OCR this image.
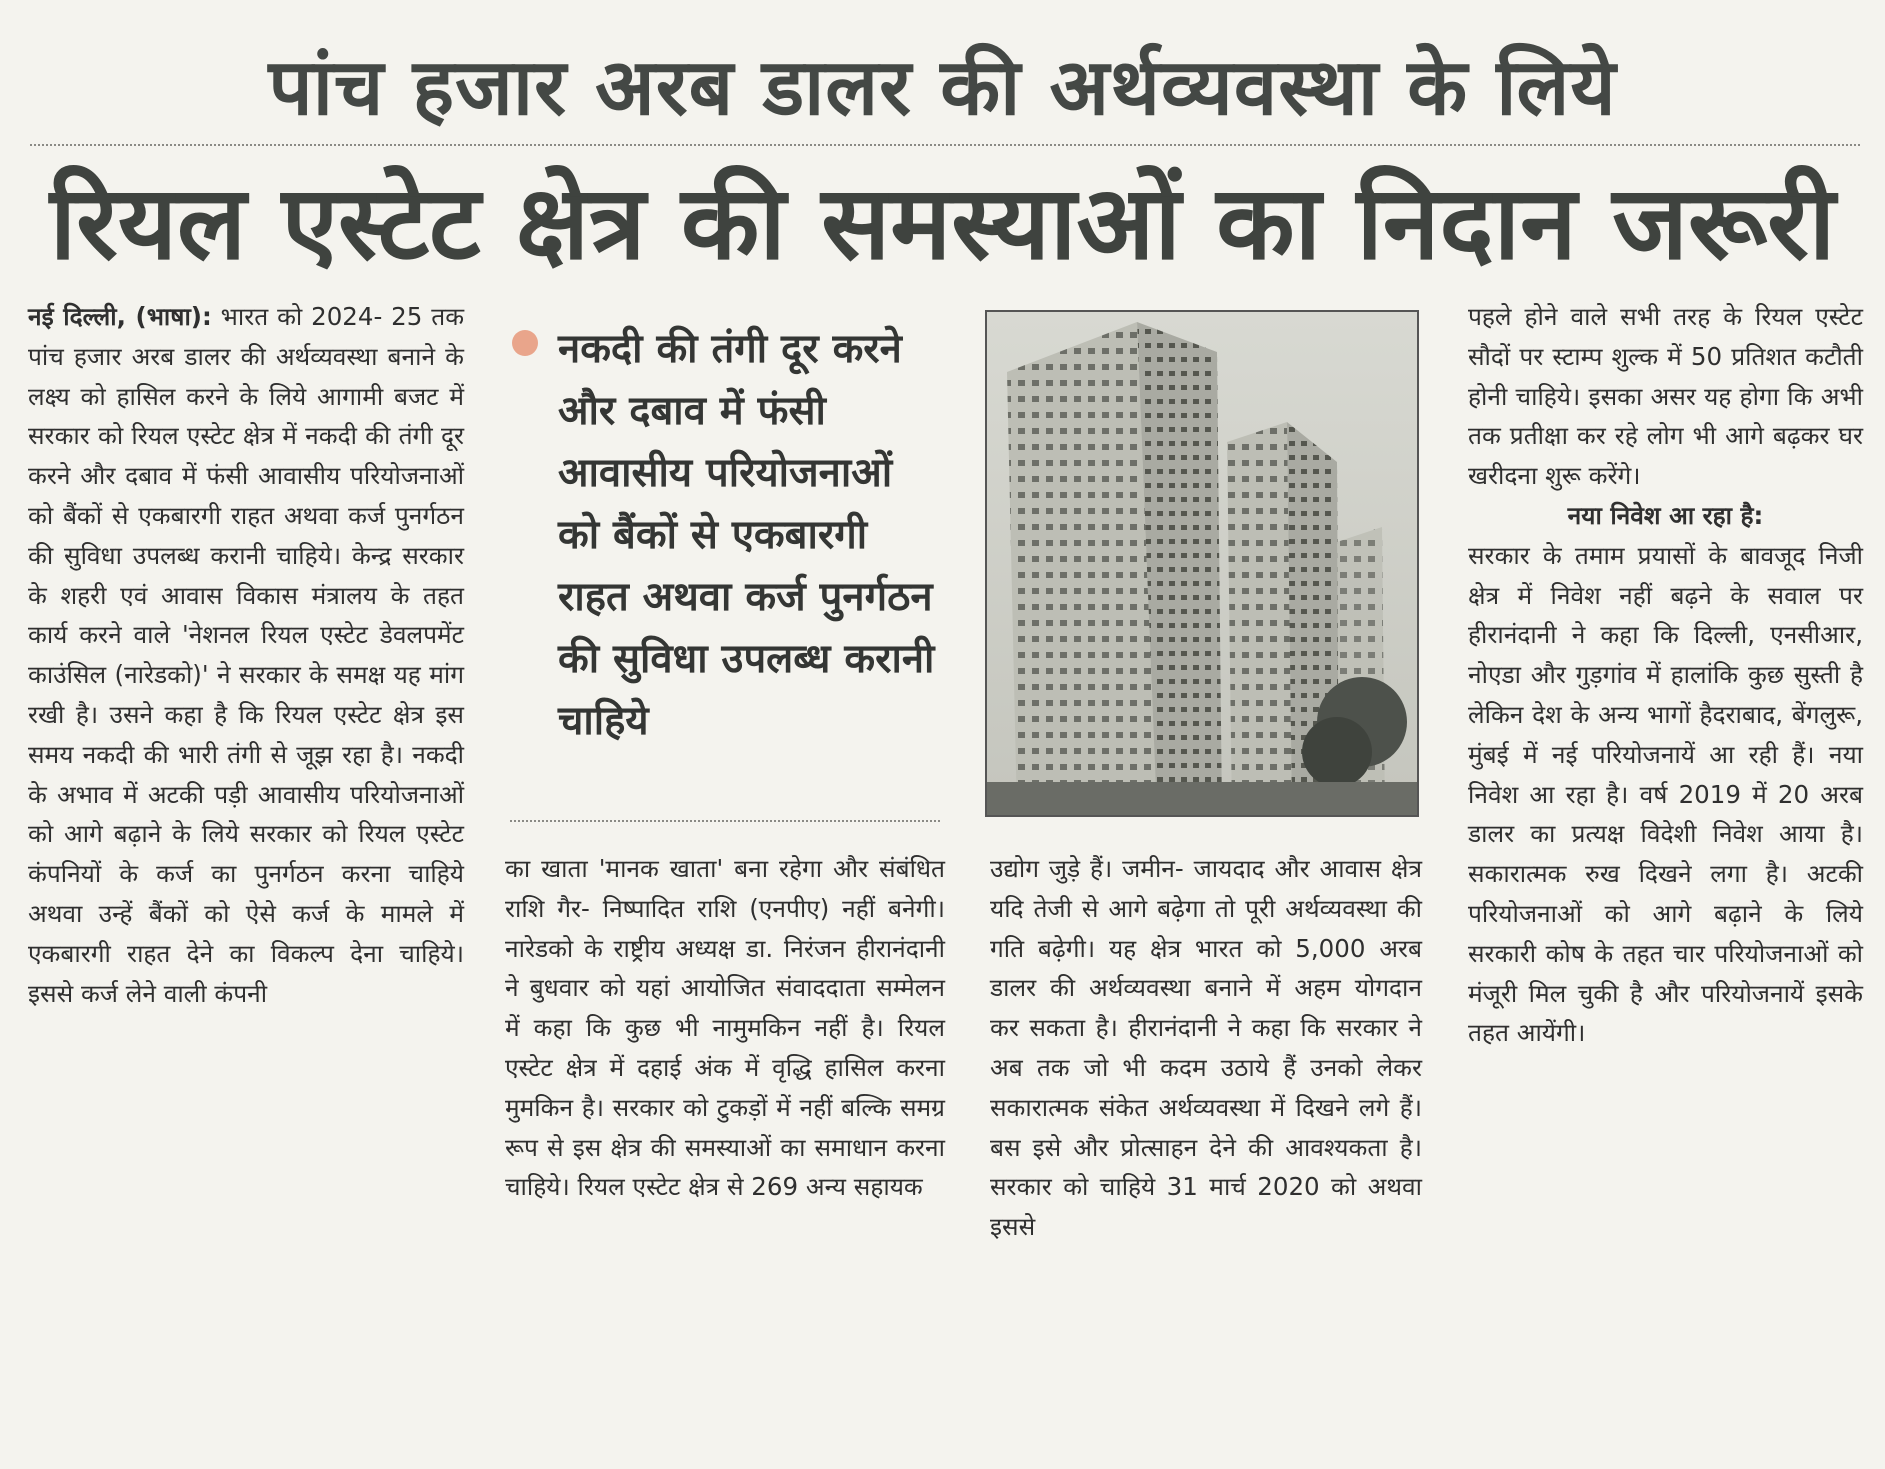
पांच हजार अरब डालर की अर्थव्यवस्था के लिये
रियल एस्टेट क्षेत्र की समस्याओं का निदान जरूरी

नई दिल्ली, (भाषा): भारत को 2024- 25 तक पांच हजार अरब डालर की अर्थव्यवस्था बनाने के लक्ष्य को हासिल करने के लिये आगामी बजट में सरकार को रियल एस्टेट क्षेत्र में नकदी की तंगी दूर करने और दबाव में फंसी आवासीय परियोजनाओं को बैंकों से एकबारगी राहत अथवा कर्ज पुनर्गठन की सुविधा उपलब्ध करानी चाहिये। केन्द्र सरकार के शहरी एवं आवास विकास मंत्रालय के तहत कार्य करने वाले 'नेशनल रियल एस्टेट डेवलपमेंट काउंसिल (नारेडको)' ने सरकार के समक्ष यह मांग रखी है। उसने कहा है कि रियल एस्टेट क्षेत्र इस समय नकदी की भारी तंगी से जूझ रहा है। नकदी के अभाव में अटकी पड़ी आवासीय परियोजनाओं को आगे बढ़ाने के लिये सरकार को रियल एस्टेट कंपनियों के कर्ज का पुनर्गठन करना चाहिये अथवा उन्हें बैंकों को ऐसे कर्ज के मामले में एकबारगी राहत देने का विकल्प देना चाहिये। इससे कर्ज लेने वाली कंपनी

नकदी की तंगी दूर करने और दबाव में फंसी आवासीय परियोजनाओं को बैंकों से एकबारगी राहत अथवा कर्ज पुनर्गठन की सुविधा उपलब्ध करानी चाहिये

का खाता 'मानक खाता' बना रहेगा और संबंधित राशि गैर- निष्पादित राशि (एनपीए) नहीं बनेगी। नारेडको के राष्ट्रीय अध्यक्ष डा. निरंजन हीरानंदानी ने बुधवार को यहां आयोजित संवाददाता सम्मेलन में कहा कि कुछ भी नामुमकिन नहीं है। रियल एस्टेट क्षेत्र में दहाई अंक में वृद्धि हासिल करना मुमकिन है। सरकार को टुकड़ों में नहीं बल्कि समग्र रूप से इस क्षेत्र की समस्याओं का समाधान करना चाहिये। रियल एस्टेट क्षेत्र से 269 अन्य सहायक

उद्योग जुड़े हैं। जमीन- जायदाद और आवास क्षेत्र यदि तेजी से आगे बढ़ेगा तो पूरी अर्थव्यवस्था की गति बढ़ेगी। यह क्षेत्र भारत को 5,000 अरब डालर की अर्थव्यवस्था बनाने में अहम योगदान कर सकता है। हीरानंदानी ने कहा कि सरकार ने अब तक जो भी कदम उठाये हैं उनको लेकर सकारात्मक संकेत अर्थव्यवस्था में दिखने लगे हैं। बस इसे और प्रोत्साहन देने की आवश्यकता है। सरकार को चाहिये 31 मार्च 2020 को अथवा इससे

पहले होने वाले सभी तरह के रियल एस्टेट सौदों पर स्टाम्प शुल्क में 50 प्रतिशत कटौती होनी चाहिये। इसका असर यह होगा कि अभी तक प्रतीक्षा कर रहे लोग भी आगे बढ़कर घर खरीदना शुरू करेंगे।

नया निवेश आ रहा है:

सरकार के तमाम प्रयासों के बावजूद निजी क्षेत्र में निवेश नहीं बढ़ने के सवाल पर हीरानंदानी ने कहा कि दिल्ली, एनसीआर, नोएडा और गुड़गांव में हालांकि कुछ सुस्ती है लेकिन देश के अन्य भागों हैदराबाद, बेंगलुरू, मुंबई में नई परियोजनायें आ रही हैं। नया निवेश आ रहा है। वर्ष 2019 में 20 अरब डालर का प्रत्यक्ष विदेशी निवेश आया है। सकारात्मक रुख दिखने लगा है। अटकी परियोजनाओं को आगे बढ़ाने के लिये सरकारी कोष के तहत चार परियोजनाओं को मंजूरी मिल चुकी है और परियोजनायें इसके तहत आयेंगी।
